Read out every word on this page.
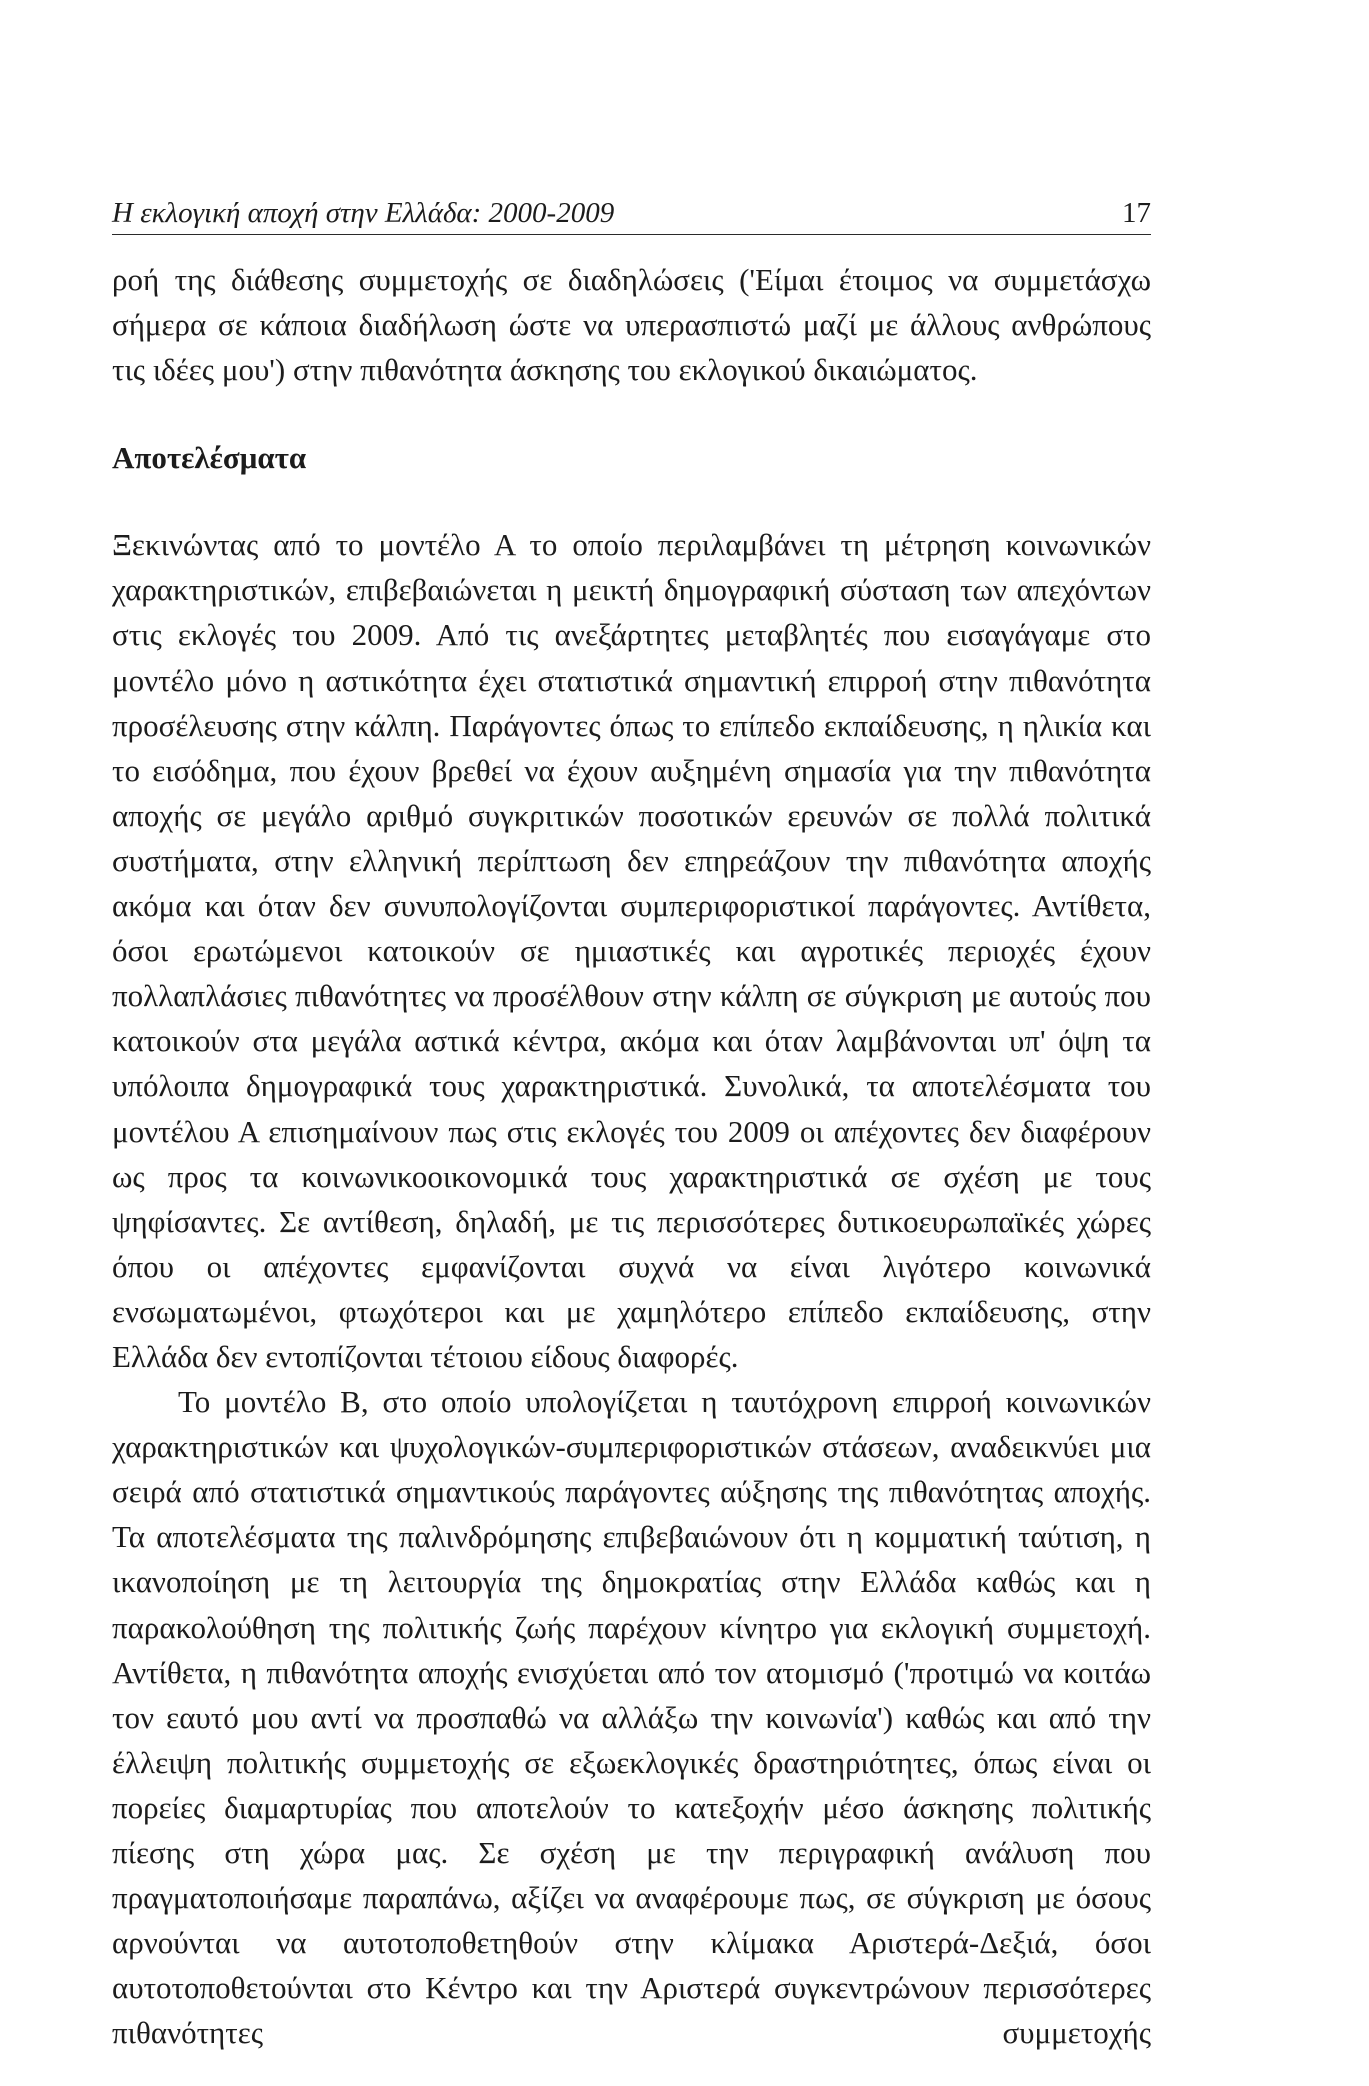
Η εκλογική αποχή στην Ελλάδα: 2000-2009	17

ροή της διάθεσης συμμετοχής σε διαδηλώσεις ('Είμαι έτοιμος να συμμετάσχω σήμερα σε κάποια διαδήλωση ώστε να υπερασπιστώ μαζί με άλλους ανθρώπους τις ιδέες μου') στην πιθανότητα άσκησης του εκλογικού δικαιώματος.

Αποτελέσματα

Ξεκινώντας από το μοντέλο Α το οποίο περιλαμβάνει τη μέτρηση κοινωνικών χαρακτηριστικών, επιβεβαιώνεται η μεικτή δημογραφική σύσταση των απεχόντων στις εκλογές του 2009. Από τις ανεξάρτητες μεταβλητές που εισαγάγαμε στο μοντέλο μόνο η αστικότητα έχει στατιστικά σημαντική επιρροή στην πιθανότητα προσέλευσης στην κάλπη. Παράγοντες όπως το επίπεδο εκπαίδευσης, η ηλικία και το εισόδημα, που έχουν βρεθεί να έχουν αυξημένη σημασία για την πιθανότητα αποχής σε μεγάλο αριθμό συγκριτικών ποσοτικών ερευνών σε πολλά πολιτικά συστήματα, στην ελληνική περίπτωση δεν επηρεάζουν την πιθανότητα αποχής ακόμα και όταν δεν συνυπολογίζονται συμπεριφοριστικοί παράγοντες. Αντίθετα, όσοι ερωτώμενοι κατοικούν σε ημιαστικές και αγροτικές περιοχές έχουν πολλαπλάσιες πιθανότητες να προσέλθουν στην κάλπη σε σύγκριση με αυτούς που κατοικούν στα μεγάλα αστικά κέντρα, ακόμα και όταν λαμβάνονται υπ' όψη τα υπόλοιπα δημογραφικά τους χαρακτηριστικά. Συνολικά, τα αποτελέσματα του μοντέλου Α επισημαίνουν πως στις εκλογές του 2009 οι απέχοντες δεν διαφέρουν ως προς τα κοινωνικοοικονομικά τους χαρακτηριστικά σε σχέση με τους ψηφίσαντες. Σε αντίθεση, δηλαδή, με τις περισσότερες δυτικοευρωπαϊκές χώρες όπου οι απέχοντες εμφανίζονται συχνά να είναι λιγότερο κοινωνικά ενσωματωμένοι, φτωχότεροι και με χαμηλότερο επίπεδο εκπαίδευσης, στην Ελλάδα δεν εντοπίζονται τέτοιου είδους διαφορές.

Το μοντέλο Β, στο οποίο υπολογίζεται η ταυτόχρονη επιρροή κοινωνικών χαρακτηριστικών και ψυχολογικών-συμπεριφοριστικών στάσεων, αναδεικνύει μια σειρά από στατιστικά σημαντικούς παράγοντες αύξησης της πιθανότητας αποχής. Τα αποτελέσματα της παλινδρόμησης επιβεβαιώνουν ότι η κομματική ταύτιση, η ικανοποίηση με τη λειτουργία της δημοκρατίας στην Ελλάδα καθώς και η παρακολούθηση της πολιτικής ζωής παρέχουν κίνητρο για εκλογική συμμετοχή. Αντίθετα, η πιθανότητα αποχής ενισχύεται από τον ατομισμό ('προτιμώ να κοιτάω τον εαυτό μου αντί να προσπαθώ να αλλάξω την κοινωνία') καθώς και από την έλλειψη πολιτικής συμμετοχής σε εξωεκλογικές δραστηριότητες, όπως είναι οι πορείες διαμαρτυρίας που αποτελούν το κατεξοχήν μέσο άσκησης πολιτικής πίεσης στη χώρα μας. Σε σχέση με την περιγραφική ανάλυση που πραγματοποιήσαμε παραπάνω, αξίζει να αναφέρουμε πως, σε σύγκριση με όσους αρνούνται να αυτοτοποθετηθούν στην κλίμακα Αριστερά-Δεξιά, όσοι αυτοτοποθετούνται στο Κέντρο και την Αριστερά συγκεντρώνουν περισσότερες πιθανότητες συμμετοχής
